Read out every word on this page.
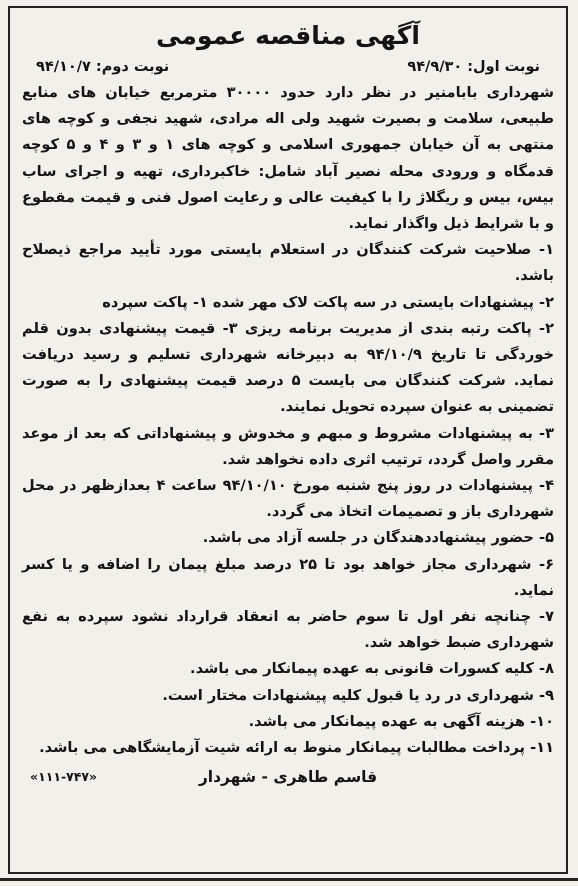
آگهی مناقصه عمومی
نوبت اول: ۹۴/۹/۳۰
نوبت دوم: ۹۴/۱۰/۷

شهرداری بابامنیر در نظر دارد حدود ۳۰۰۰۰ مترمربع خیابان های منابع طبیعی، سلامت و بصیرت شهید ولی اله مرادی، شهید نجفی و کوچه های منتهی به آن خیابان جمهوری اسلامی و کوچه های ۱ و ۳ و ۴ و ۵ کوچه قدمگاه و ورودی محله نصیر آباد شامل: خاکبرداری، تهیه و اجرای ساب بیس، بیس و ریگلاژ را با کیفیت عالی و رعایت اصول فنی و قیمت مقطوع و با شرایط ذیل واگذار نماید.

۱- صلاحیت شرکت کنندگان در استعلام بایستی مورد تأیید مراجع ذیصلاح باشد.
۲- پیشنهادات بایستی در سه پاکت لاک مهر شده ۱- پاکت سپرده
۲- پاکت رتبه بندی از مدیریت برنامه ریزی ۳- قیمت پیشنهادی بدون قلم خوردگی تا تاریخ ۹۴/۱۰/۹ به دبیرخانه شهرداری تسلیم و رسید دریافت نماید. شرکت کنندگان می بایست ۵ درصد قیمت پیشنهادی را به صورت تضمینی به عنوان سپرده تحویل نمایند.
۳- به پیشنهادات مشروط و مبهم و مخدوش و پیشنهاداتی که بعد از موعد مقرر واصل گردد، ترتیب اثری داده نخواهد شد.
۴- پیشنهادات در روز پنج شنبه مورخ ۹۴/۱۰/۱۰ ساعت ۴ بعدازظهر در محل شهرداری باز و تصمیمات اتخاذ می گردد.
۵- حضور پیشنهاددهندگان در جلسه آزاد می باشد.
۶- شهرداری مجاز خواهد بود تا ۲۵ درصد مبلغ پیمان را اضافه و یا کسر نماید.
۷- چنانچه نفر اول تا سوم حاضر به انعقاد قرارداد نشود سپرده به نفع شهرداری ضبط خواهد شد.
۸- کلیه کسورات قانونی به عهده پیمانکار می باشد.
۹- شهرداری در رد یا قبول کلیه پیشنهادات مختار است.
۱۰- هزینه آگهی به عهده پیمانکار می باشد.
۱۱- پرداخت مطالبات پیمانکار منوط به ارائه شیت آزمایشگاهی می باشد.
قاسم طاهری - شهردار
«۱۱۱-۷۴۷»
